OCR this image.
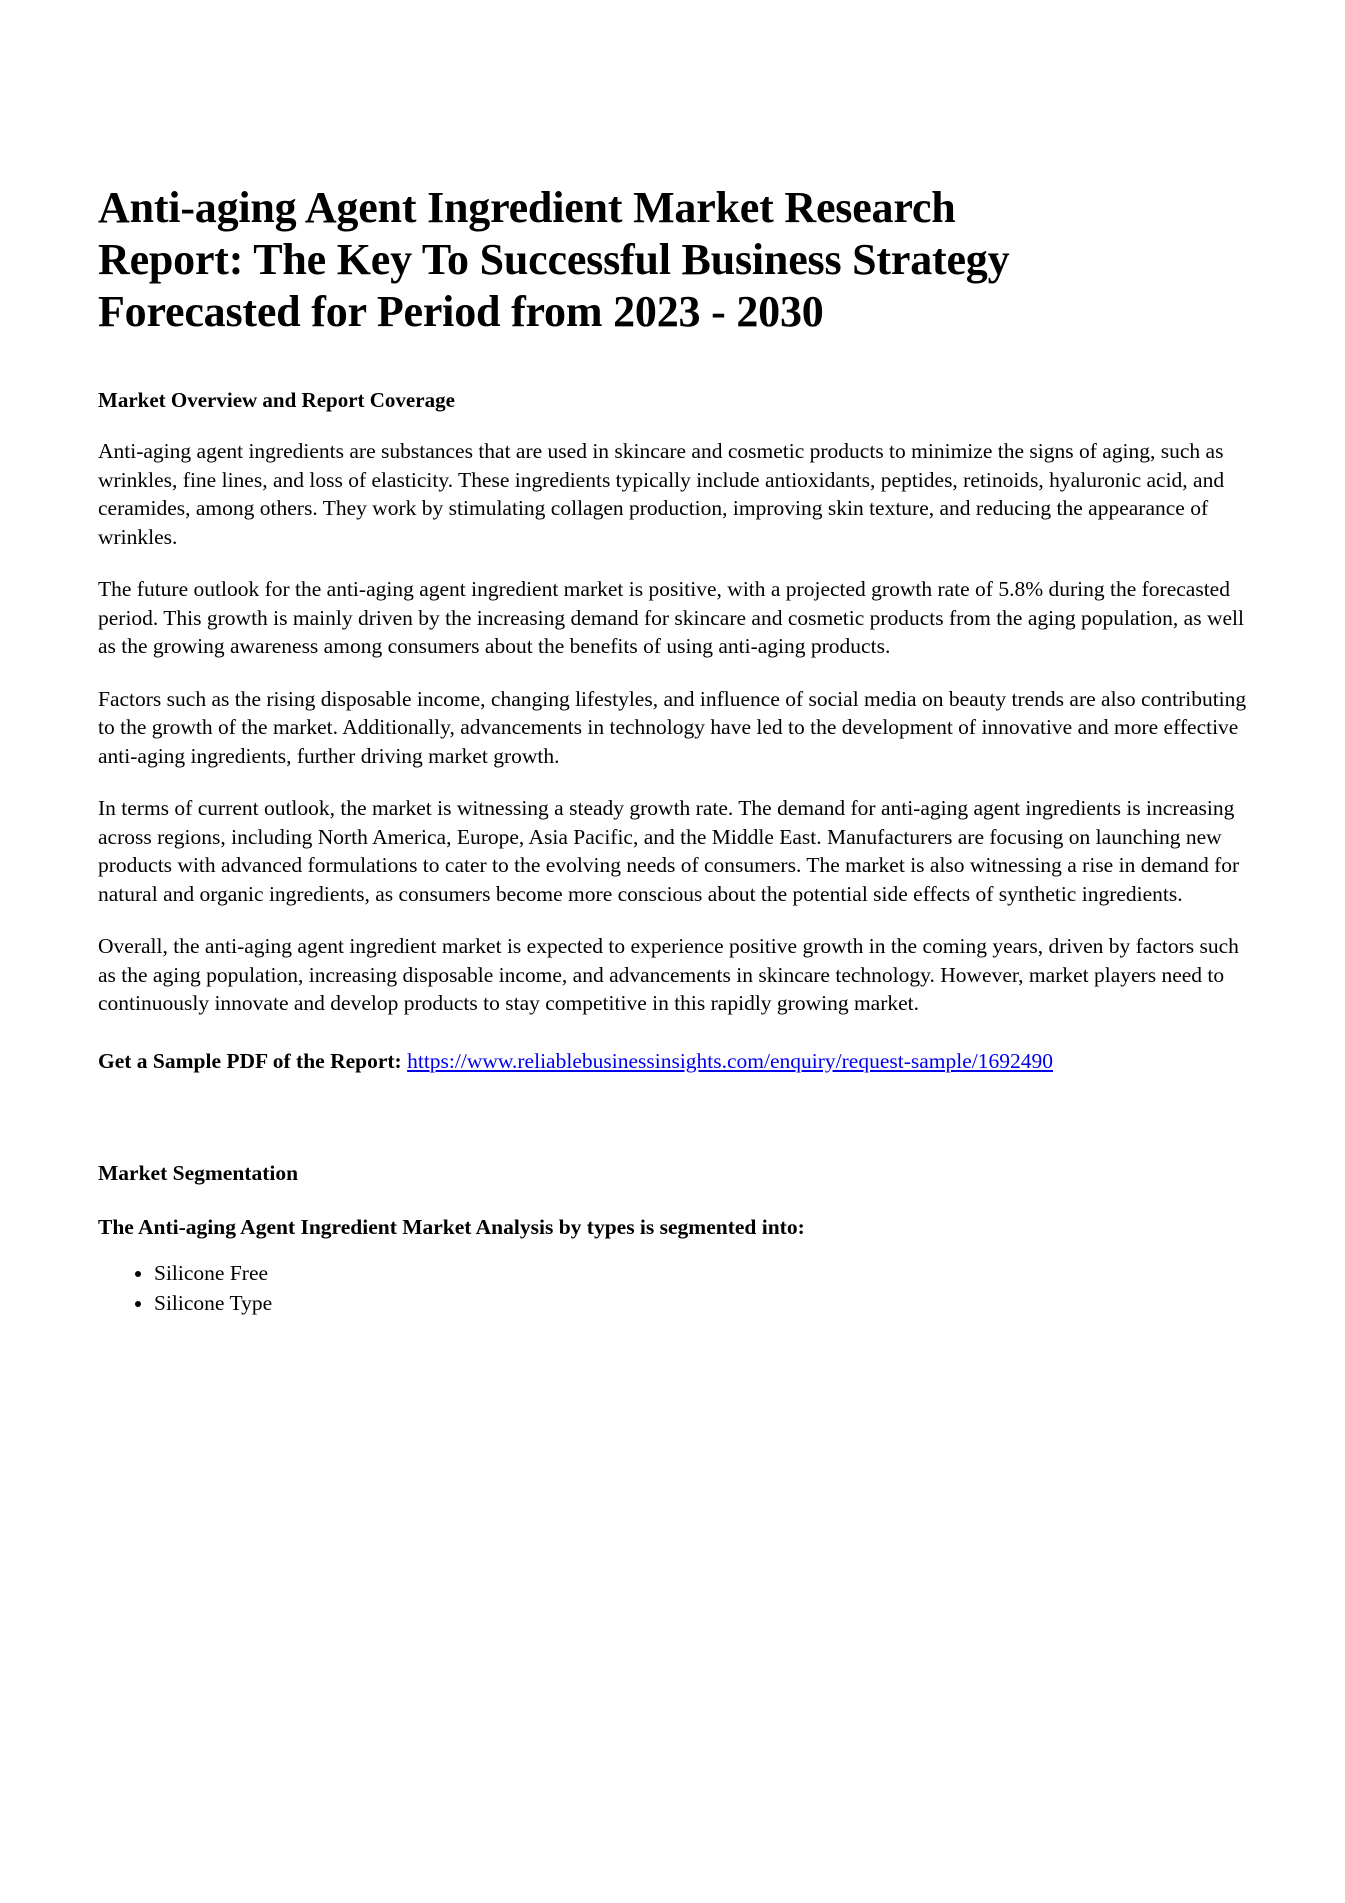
Anti-aging Agent Ingredient Market Research
Report: The Key To Successful Business Strategy
Forecasted for Period from 2023 - 2030
Market Overview and Report Coverage

Anti-aging agent ingredients are substances that are used in skincare and cosmetic products to minimize the signs of aging, such as wrinkles, fine lines, and loss of elasticity. These ingredients typically include antioxidants, peptides, retinoids, hyaluronic acid, and ceramides, among others. They work by stimulating collagen production, improving skin texture, and reducing the appearance of wrinkles.

The future outlook for the anti-aging agent ingredient market is positive, with a projected growth rate of 5.8% during the forecasted period. This growth is mainly driven by the increasing demand for skincare and cosmetic products from the aging population, as well as the growing awareness among consumers about the benefits of using anti-aging products.

Factors such as the rising disposable income, changing lifestyles, and influence of social media on beauty trends are also contributing to the growth of the market. Additionally, advancements in technology have led to the development of innovative and more effective anti-aging ingredients, further driving market growth.

In terms of current outlook, the market is witnessing a steady growth rate. The demand for anti-aging agent ingredients is increasing across regions, including North America, Europe, Asia Pacific, and the Middle East. Manufacturers are focusing on launching new products with advanced formulations to cater to the evolving needs of consumers. The market is also witnessing a rise in demand for natural and organic ingredients, as consumers become more conscious about the potential side effects of synthetic ingredients.

Overall, the anti-aging agent ingredient market is expected to experience positive growth in the coming years, driven by factors such as the aging population, increasing disposable income, and advancements in skincare technology. However, market players need to continuously innovate and develop products to stay competitive in this rapidly growing market.

Get a Sample PDF of the Report: https://www.reliablebusinessinsights.com/enquiry/request-sample/1692490

Market Segmentation
The Anti-aging Agent Ingredient Market Analysis by types is segmented into:
• Silicone Free
• Silicone Type
